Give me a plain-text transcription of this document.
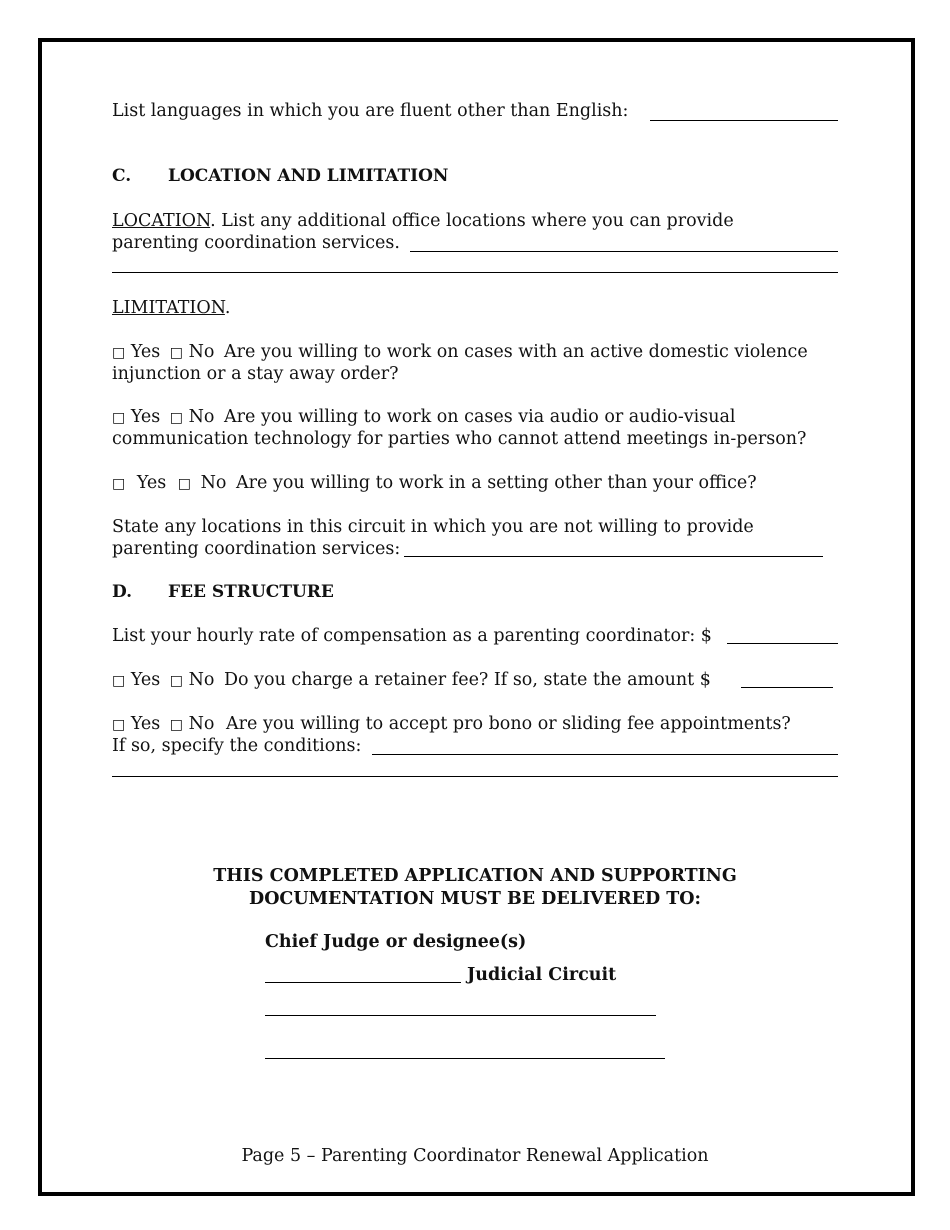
List languages in which you are fluent other than English:
C. LOCATION AND LIMITATION
LOCATION. List any additional office locations where you can provide
parenting coordination services.
LIMITATION.
□ Yes □ No Are you willing to work on cases with an active domestic violence
injunction or a stay away order?
□ Yes □ No Are you willing to work on cases via audio or audio-visual
communication technology for parties who cannot attend meetings in-person?
□ Yes □ No Are you willing to work in a setting other than your office?
State any locations in this circuit in which you are not willing to provide
parenting coordination services:
D. FEE STRUCTURE
List your hourly rate of compensation as a parenting coordinator: $
□ Yes □ No Do you charge a retainer fee? If so, state the amount $
□ Yes □ No Are you willing to accept pro bono or sliding fee appointments?
If so, specify the conditions:
THIS COMPLETED APPLICATION AND SUPPORTING
DOCUMENTATION MUST BE DELIVERED TO:
Chief Judge or designee(s)
Judicial Circuit
Page 5 – Parenting Coordinator Renewal Application
